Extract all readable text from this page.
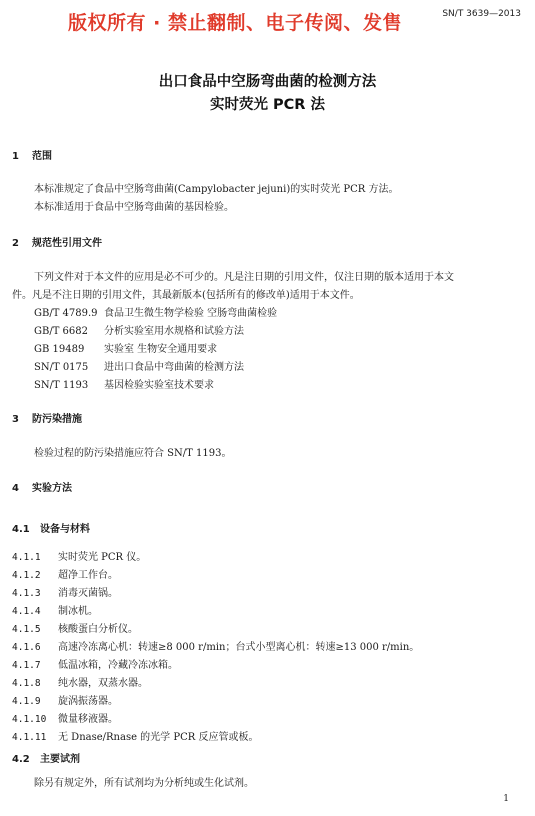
版权所有 · 禁止翻制、电子传阅、发售	SN/T 3639—2013
出口食品中空肠弯曲菌的检测方法
实时荧光 PCR 法
1 范围
本标准规定了食品中空肠弯曲菌(Campylobacter jejuni)的实时荧光 PCR 方法。
本标准适用于食品中空肠弯曲菌的基因检验。
2 规范性引用文件
下列文件对于本文件的应用是必不可少的。凡是注日期的引用文件，仅注日期的版本适用于本文
件。凡是不注日期的引用文件，其最新版本(包括所有的修改单)适用于本文件。
GB/T 4789.9 食品卫生微生物学检验 空肠弯曲菌检验
GB/T 6682 分析实验室用水规格和试验方法
GB 19489 实验室 生物安全通用要求
SN/T 0175 进出口食品中弯曲菌的检测方法
SN/T 1193 基因检验实验室技术要求
3 防污染措施
检验过程的防污染措施应符合 SN/T 1193。
4 实验方法
4.1 设备与材料
4.1.1 实时荧光 PCR 仪。
4.1.2 超净工作台。
4.1.3 消毒灭菌锅。
4.1.4 制冰机。
4.1.5 核酸蛋白分析仪。
4.1.6 高速冷冻离心机：转速≥8 000 r/min；台式小型离心机：转速≥13 000 r/min。
4.1.7 低温冰箱，冷藏冷冻冰箱。
4.1.8 纯水器，双蒸水器。
4.1.9 旋涡振荡器。
4.1.10 微量移液器。
4.1.11 无 Dnase/Rnase 的光学 PCR 反应管或板。
4.2 主要试剂
除另有规定外，所有试剂均为分析纯或生化试剂。
1
